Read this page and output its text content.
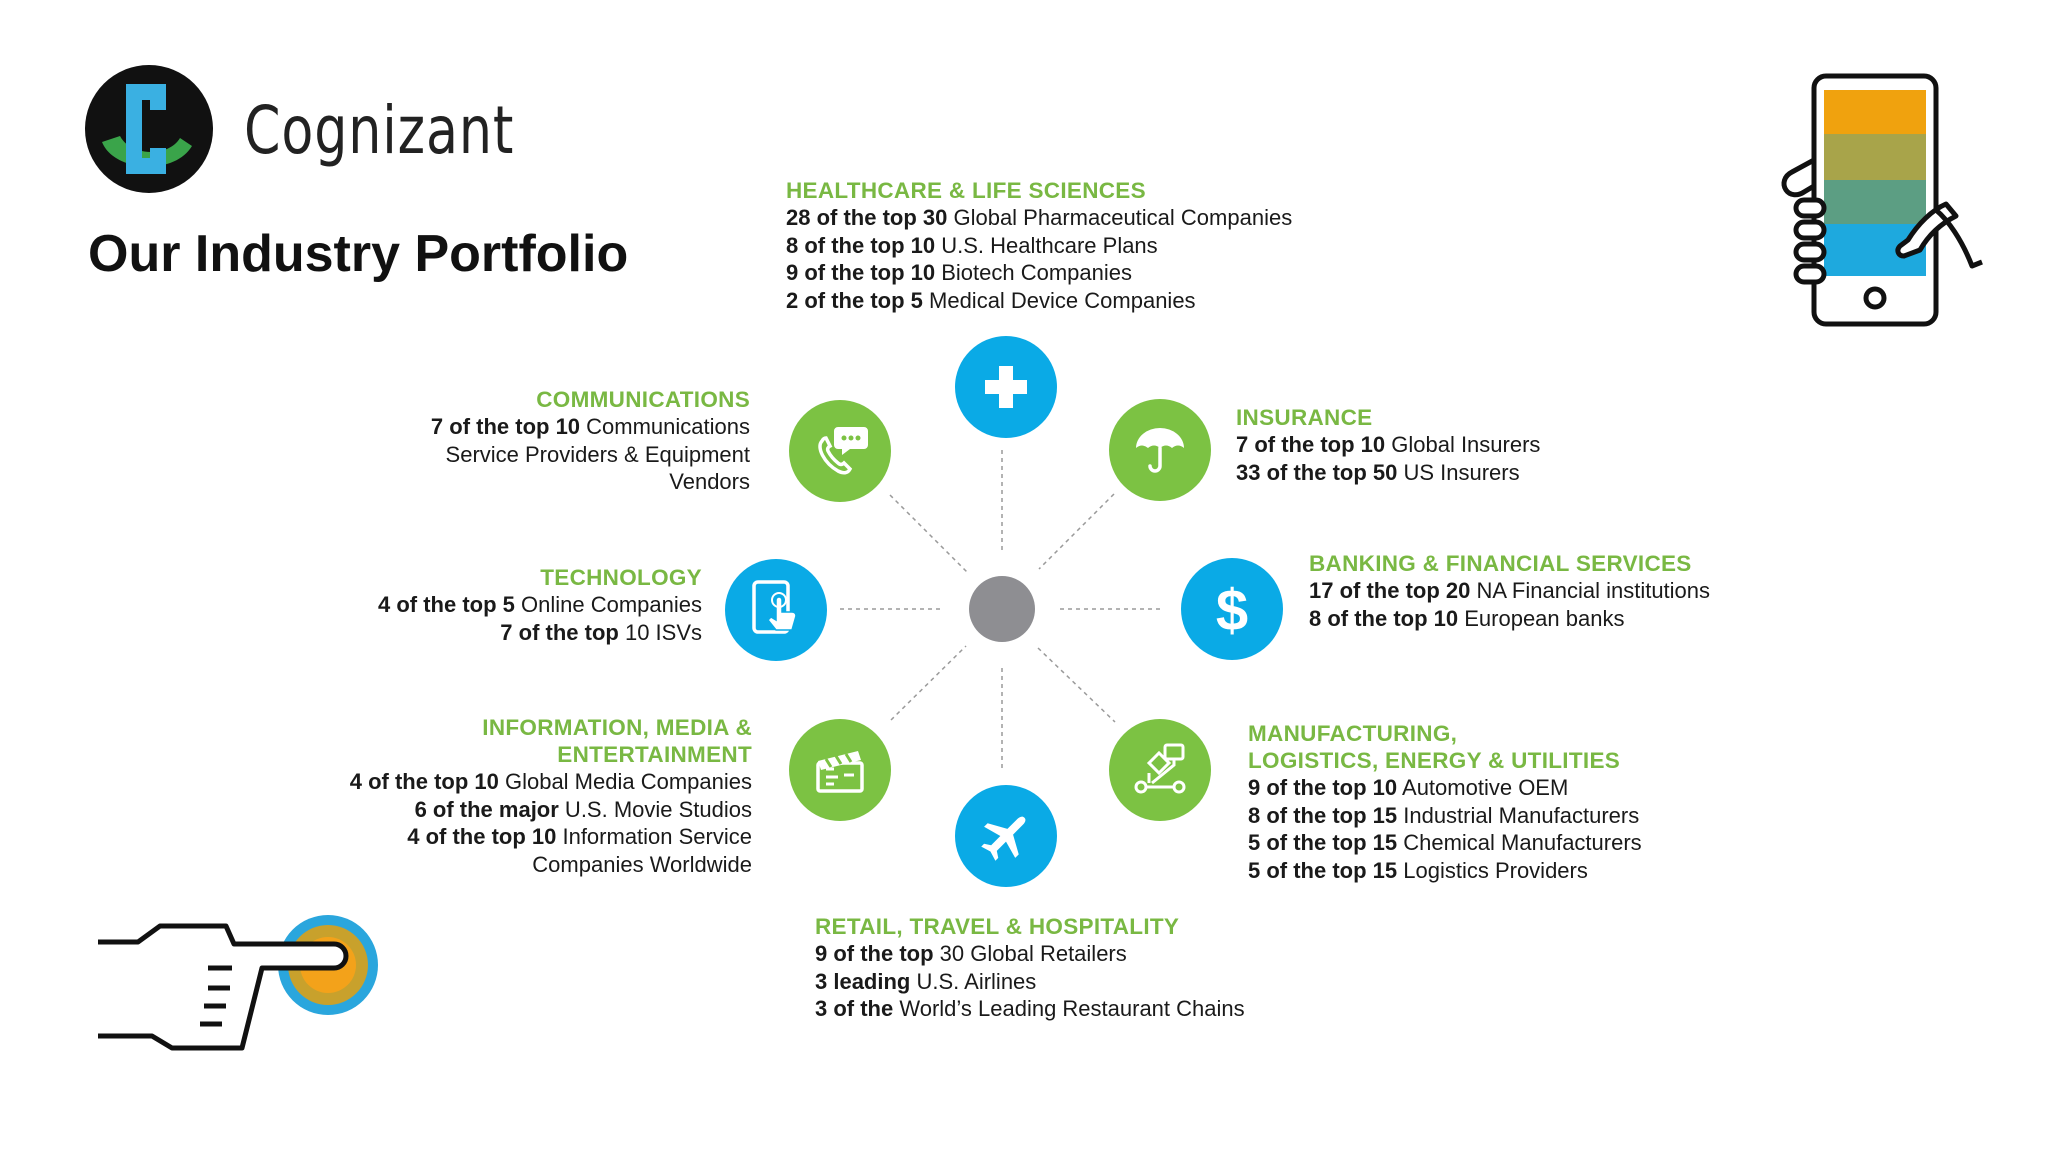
Cognizant
Our Industry Portfolio
$
HEALTHCARE & LIFE SCIENCES
28 of the top 30 Global Pharmaceutical Companies
8 of the top 10 U.S. Healthcare Plans
9 of the top 10 Biotech Companies
2 of the top 5 Medical Device Companies
COMMUNICATIONS
7 of the top 10 Communications
Service Providers & Equipment
Vendors
INSURANCE
7 of the top 10 Global Insurers
33 of the top 50 US Insurers
TECHNOLOGY
4 of the top 5 Online Companies
7 of the top 10 ISVs
BANKING & FINANCIAL SERVICES
17 of the top 20 NA Financial institutions
8 of the top 10 European banks
INFORMATION, MEDIA &
ENTERTAINMENT
4 of the top 10 Global Media Companies
6 of the major U.S. Movie Studios
4 of the top 10 Information Service
Companies Worldwide
MANUFACTURING,
LOGISTICS, ENERGY & UTILITIES
9 of the top 10 Automotive OEM
8 of the top 15 Industrial Manufacturers
5 of the top 15 Chemical Manufacturers
5 of the top 15 Logistics Providers
RETAIL, TRAVEL & HOSPITALITY
9 of the top 30 Global Retailers
3 leading U.S. Airlines
3 of the World’s Leading Restaurant Chains
